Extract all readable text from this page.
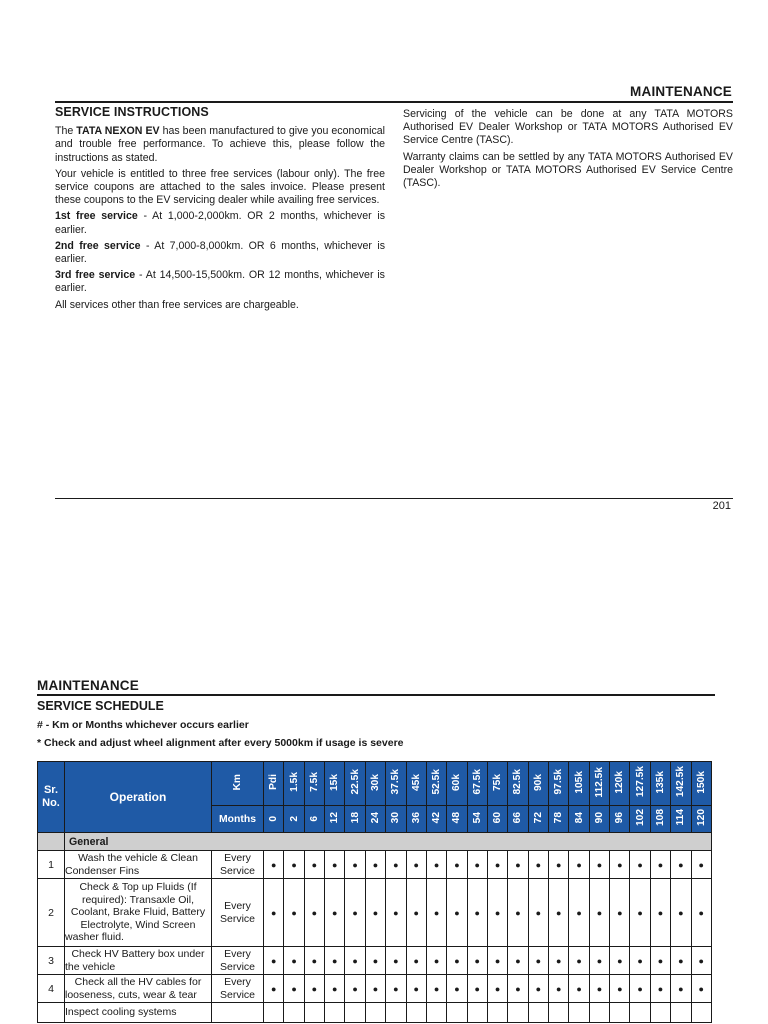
MAINTENANCE
SERVICE INSTRUCTIONS

The TATA NEXON EV has been manufactured to give you economical and trouble free performance. To achieve this, please follow the instructions as stated.

Your vehicle is entitled to three free services (labour only). The free service coupons are attached to the sales invoice. Please present these coupons to the EV servicing dealer while availing free services.

1st free service - At 1,000-2,000km. OR 2 months, whichever is earlier.

2nd free service - At 7,000-8,000km. OR 6 months, whichever is earlier.

3rd free service - At 14,500-15,500km. OR 12 months, whichever is earlier.

All services other than free services are chargeable.

Servicing of the vehicle can be done at any TATA MOTORS Authorised EV Dealer Workshop or TATA MOTORS Authorised EV Service Centre (TASC).

Warranty claims can be settled by any TATA MOTORS Authorised EV Dealer Workshop or TATA MOTORS Authorised EV Service Centre (TASC).

201
MAINTENANCE
SERVICE SCHEDULE
# - Km or Months whichever occurs earlier
* Check and adjust wheel alignment after every 5000km if usage is severe
Sr. No.	Operation	Km	Pdi	1.5k	7.5k	15k	22.5k	30k	37.5k	45k	52.5k	60k	67.5k	75k	82.5k	90k	97.5k	105k	112.5k	120k	127.5k	135k	142.5k	150k
		Months	0	2	6	12	18	24	30	36	42	48	54	60	66	72	78	84	90	96	102	108	114	120
	General																							
1	Wash the vehicle & Clean Condenser Fins	Every Service	●	●	●	●	●	●	●	●	●	●	●	●	●	●	●	●	●	●	●	●	●	●
2	Check & Top up Fluids (If required): Transaxle Oil, Coolant, Brake Fluid, Battery Electrolyte, Wind Screen washer fluid.	Every Service	●	●	●	●	●	●	●	●	●	●	●	●	●	●	●	●	●	●	●	●	●	●
3	Check HV Battery box under the vehicle	Every Service	●	●	●	●	●	●	●	●	●	●	●	●	●	●	●	●	●	●	●	●	●	●
4	Check all the HV cables for looseness, cuts, wear & tear	Every Service	●	●	●	●	●	●	●	●	●	●	●	●	●	●	●	●	●	●	●	●	●	●
	Inspect cooling systems																							
